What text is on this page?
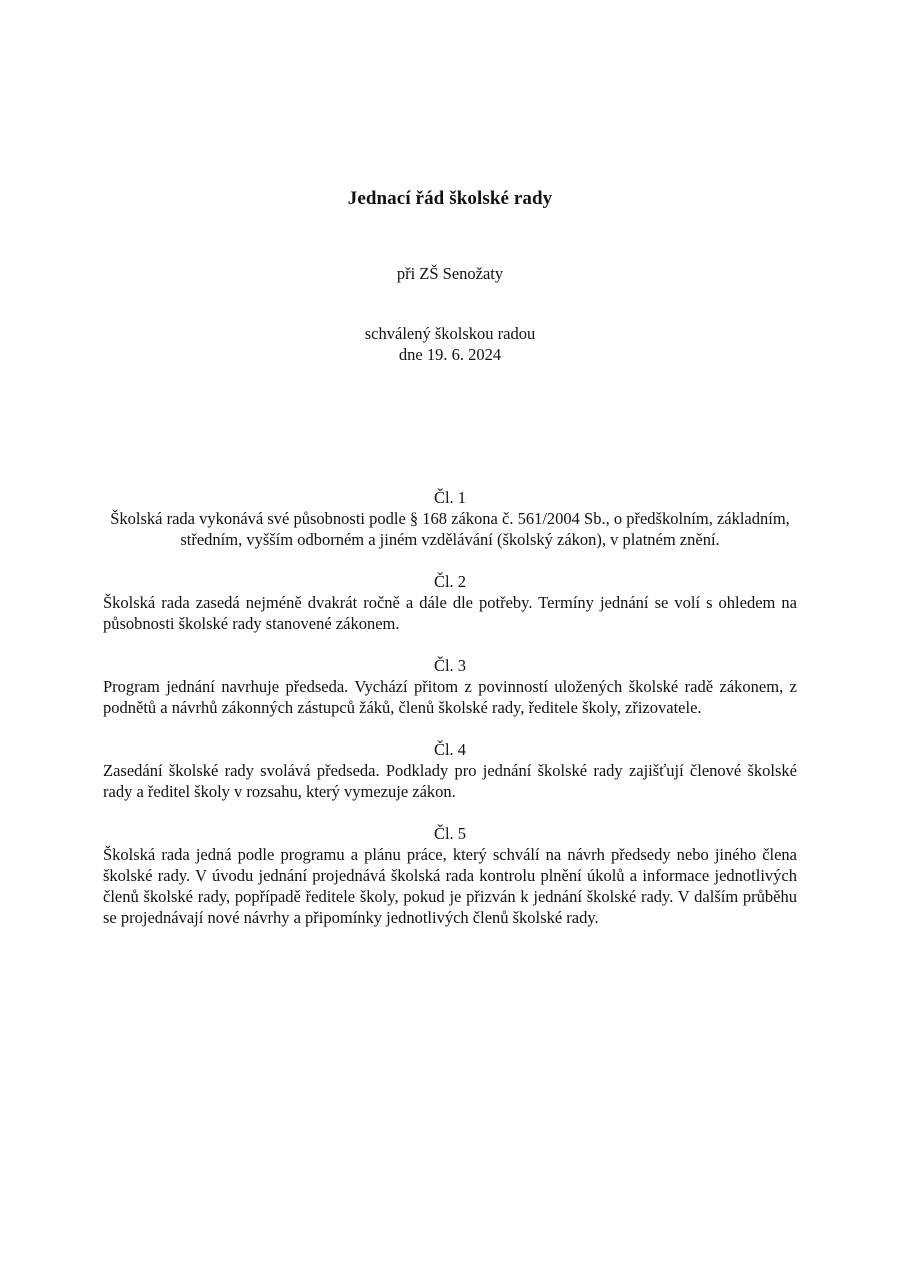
Jednací řád školské rady
při ZŠ Senožaty
schválený školskou radou
dne 19. 6. 2024

Čl. 1

Školská rada vykonává své působnosti podle § 168 zákona č. 561/2004 Sb., o předškolním, základním, středním, vyšším odborném a jiném vzdělávání (školský zákon), v platném znění.

Čl. 2

Školská rada zasedá nejméně dvakrát ročně a dále dle potřeby. Termíny jednání se volí s ohledem na působnosti školské rady stanovené zákonem.

Čl. 3

Program jednání navrhuje předseda. Vychází přitom z povinností uložených školské radě zákonem, z podnětů a návrhů zákonných zástupců žáků, členů školské rady, ředitele školy, zřizovatele.

Čl. 4

Zasedání školské rady svolává předseda. Podklady pro jednání školské rady zajišťují členové školské rady a ředitel školy v rozsahu, který vymezuje zákon.

Čl. 5

Školská rada jedná podle programu a plánu práce, který schválí na návrh předsedy nebo jiného člena školské rady. V úvodu jednání projednává školská rada kontrolu plnění úkolů a informace jednotlivých členů školské rady, popřípadě ředitele školy, pokud je přizván k jednání školské rady. V dalším průběhu se projednávají nové návrhy a připomínky jednotlivých členů školské rady.
